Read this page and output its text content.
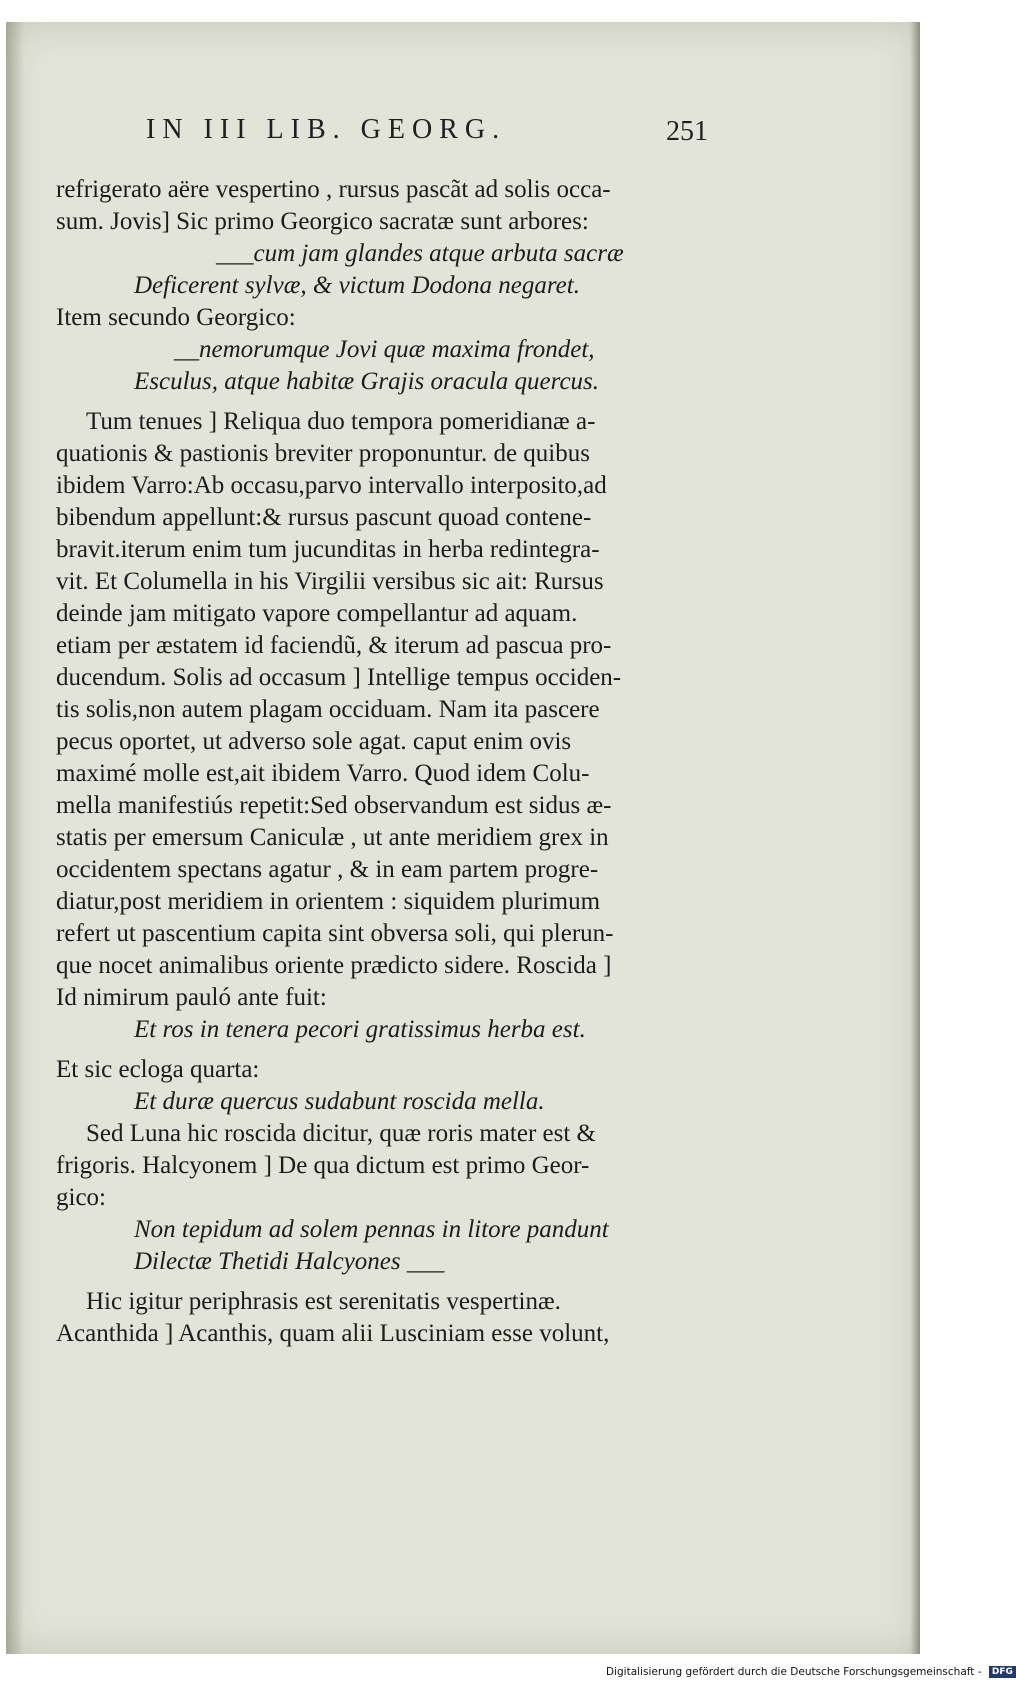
IN III LIB. GEORG.	251
refrigerato aëre vespertino , rursus pascãt ad solis occa-
sum. Jovis] Sic primo Georgico sacratæ sunt arbores:
___cum jam glandes atque arbuta sacræ
Deficerent sylvæ, & victum Dodona negaret.
Item secundo Georgico:
__nemorumque Jovi quæ maxima frondet,
Esculus, atque habitæ Grajis oracula quercus.
Tum tenues ] Reliqua duo tempora pomeridianæ a-
quationis & pastionis breviter proponuntur. de quibus
ibidem Varro:Ab occasu,parvo intervallo interposito,ad
bibendum appellunt:& rursus pascunt quoad contene-
bravit.iterum enim tum jucunditas in herba redintegra-
vit. Et Columella in his Virgilii versibus sic ait: Rursus
deinde jam mitigato vapore compellantur ad aquam.
etiam per æstatem id faciendũ, & iterum ad pascua pro-
ducendum. Solis ad occasum ] Intellige tempus occiden-
tis solis,non autem plagam occiduam. Nam ita pascere
pecus oportet, ut adverso sole agat. caput enim ovis
maximé molle est,ait ibidem Varro. Quod idem Colu-
mella manifestiús repetit:Sed observandum est sidus æ-
statis per emersum Caniculæ , ut ante meridiem grex in
occidentem spectans agatur , & in eam partem progre-
diatur,post meridiem in orientem : siquidem plurimum
refert ut pascentium capita sint obversa soli, qui plerun-
que nocet animalibus oriente prædicto sidere. Roscida ]
Id nimirum pauló ante fuit:
Et ros in tenera pecori gratissimus herba est.
Et sic ecloga quarta:
Et duræ quercus sudabunt roscida mella.
Sed Luna hic roscida dicitur, quæ roris mater est &
frigoris. Halcyonem ] De qua dictum est primo Geor-
gico:
Non tepidum ad solem pennas in litore pandunt
Dilectæ Thetidi Halcyones ___
Hic igitur periphrasis est serenitatis vespertinæ.
Acanthida ] Acanthis, quam alii Lusciniam esse volunt,
Digitalisierung gefördert durch die Deutsche Forschungsgemeinschaft - DFG
